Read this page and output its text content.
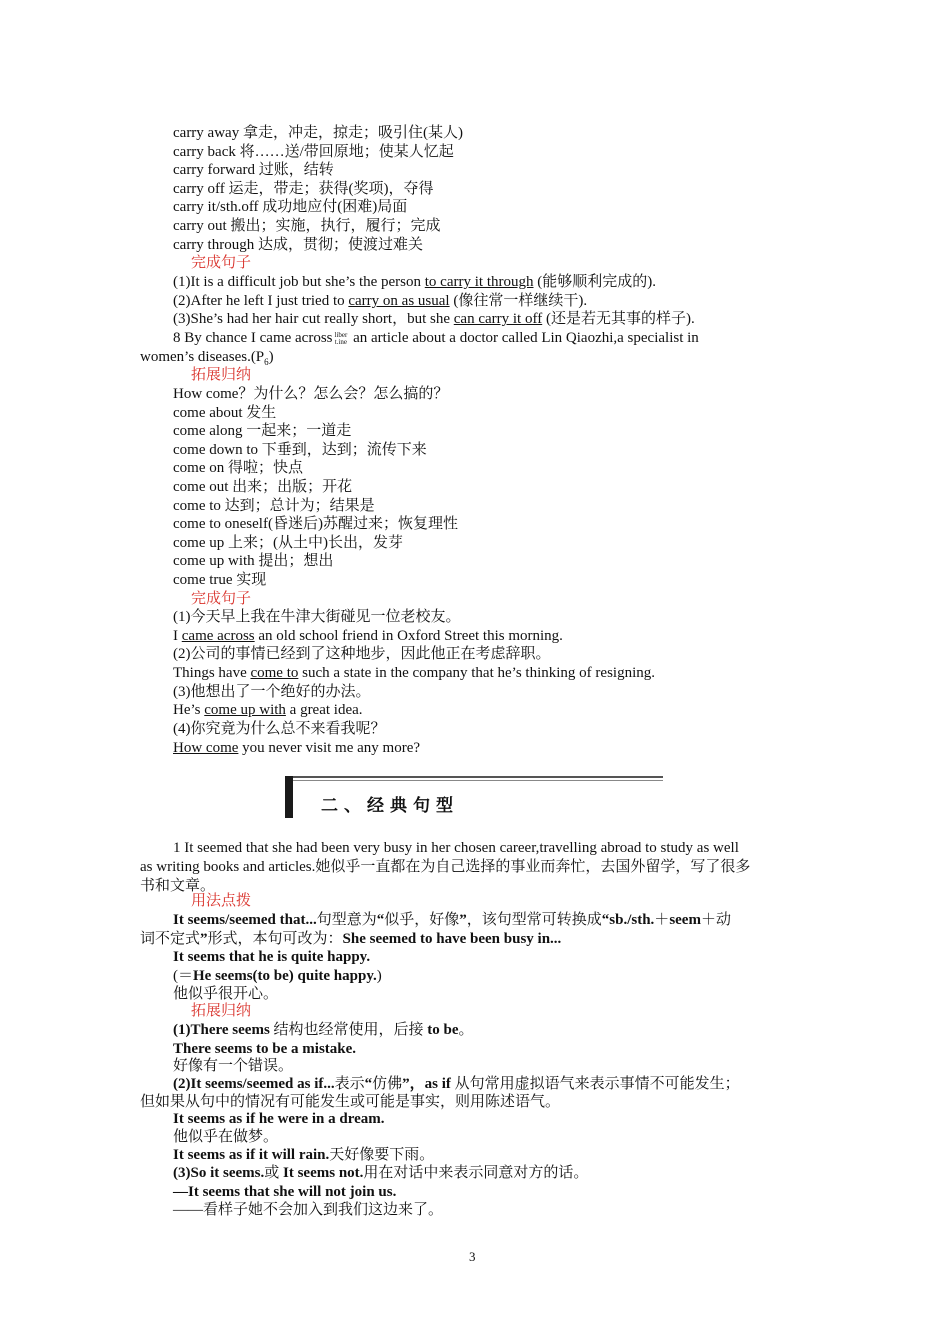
carry away 拿走，冲走，掠走；吸引住(某人)
carry back 将……送/带回原地；使某人忆起
carry forward 过账，结转
carry off 运走，带走；获得(奖项)，夺得
carry it/sth.off 成功地应付(困难)局面
carry out 搬出；实施，执行，履行；完成
carry through 达成，贯彻；使渡过难关
完成句子
(1)It is a difficult job but she’s the person to carry it through (能够顺利完成的).
(2)After he left I just tried to carry on as usual (像往常一样继续干).
(3)She’s had her hair cut really short，but she can carry it off (还是若无其事的样子).
8 By chance I came across liber
t.ine an article about a doctor called Lin Qiaozhi,a specialist in
women’s $diseases.(P_6)$
拓展归纳
How come？为什么？怎么会？怎么搞的？
come about 发生
come along 一起来；一道走
come down to 下垂到，达到；流传下来
come on 得啦；快点
come out 出来；出版；开花
come to 达到；总计为；结果是
come to oneself(昏迷后)苏醒过来；恢复理性
come up 上来；(从土中)长出，发芽
come up with 提出；想出
come true 实现
完成句子
(1)今天早上我在牛津大街碰见一位老校友。
I came across an old school friend in Oxford Street this morning.
(2)公司的事情已经到了这种地步，因此他正在考虑辞职。
Things have come to such a state in the company that he’s thinking of resigning.
(3)他想出了一个绝好的办法。
He’s come up with a great idea.
(4)你究竟为什么总不来看我呢？
How come you never visit me any more?
二、经典句型
1 It seemed that she had been very busy in her chosen career,travelling abroad to study as well
as writing books and articles.她似乎一直都在为自己选择的事业而奔忙，去国外留学，写了很多
书和文章。
用法点拨
It seems/seemed that...句型意为“似乎，好像”，该句型常可转换成“sb./sth.＋seem＋动
词不定式”形式，本句可改为：She seemed to have been busy in...
It seems that he is quite happy.
(＝He seems(to be) quite happy.)
他似乎很开心。
拓展归纳
(1)There seems 结构也经常使用，后接 to be。
There seems to be a mistake.
好像有一个错误。
(2)It seems/seemed as if...表示“仿佛”，as if 从句常用虚拟语气来表示事情不可能发生；
但如果从句中的情况有可能发生或可能是事实，则用陈述语气。
It seems as if he were in a dream.
他似乎在做梦。
It seems as if it will rain.天好像要下雨。
(3)So it seems.或 It seems not.用在对话中来表示同意对方的话。
—It seems that she will not join us.
——看样子她不会加入到我们这边来了。
3
